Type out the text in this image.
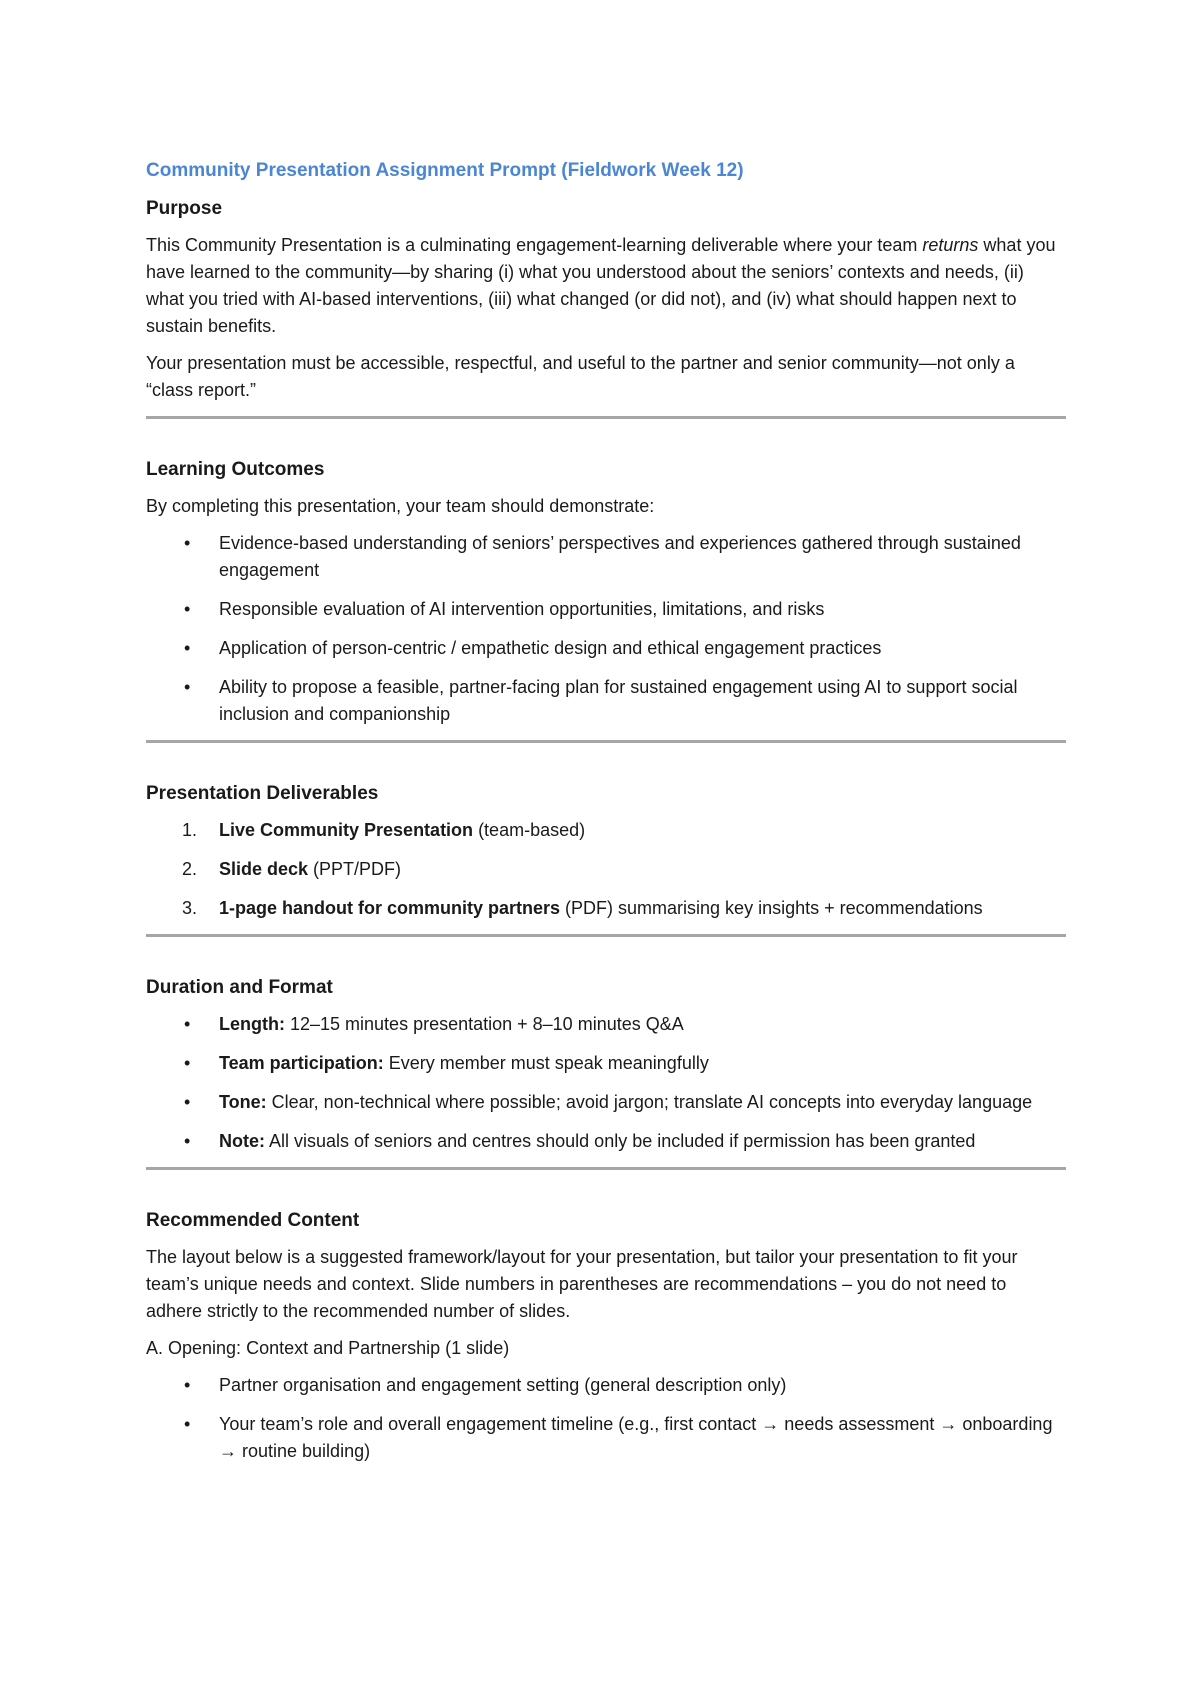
Community Presentation Assignment Prompt (Fieldwork Week 12)
Purpose

This Community Presentation is a culminating engagement-learning deliverable where your team returns what you have learned to the community—by sharing (i) what you understood about the seniors’ contexts and needs, (ii) what you tried with AI-based interventions, (iii) what changed (or did not), and (iv) what should happen next to sustain benefits.

Your presentation must be accessible, respectful, and useful to the partner and senior community—not only a “class report.”

Learning Outcomes

By completing this presentation, your team should demonstrate:

• Evidence-based understanding of seniors’ perspectives and experiences gathered through sustained engagement
• Responsible evaluation of AI intervention opportunities, limitations, and risks
• Application of person-centric / empathetic design and ethical engagement practices
• Ability to propose a feasible, partner-facing plan for sustained engagement using AI to support social inclusion and companionship
Presentation Deliverables
1. Live Community Presentation (team-based)
2. Slide deck (PPT/PDF)
3. 1-page handout for community partners (PDF) summarising key insights + recommendations
Duration and Format
• Length: 12–15 minutes presentation + 8–10 minutes Q&A
• Team participation: Every member must speak meaningfully
• Tone: Clear, non-technical where possible; avoid jargon; translate AI concepts into everyday language
• Note: All visuals of seniors and centres should only be included if permission has been granted
Recommended Content

The layout below is a suggested framework/layout for your presentation, but tailor your presentation to fit your team’s unique needs and context. Slide numbers in parentheses are recommendations – you do not need to adhere strictly to the recommended number of slides.

A. Opening: Context and Partnership (1 slide)

• Partner organisation and engagement setting (general description only)
• Your team’s role and overall engagement timeline (e.g., first contact → needs assessment → onboarding → routine building)
